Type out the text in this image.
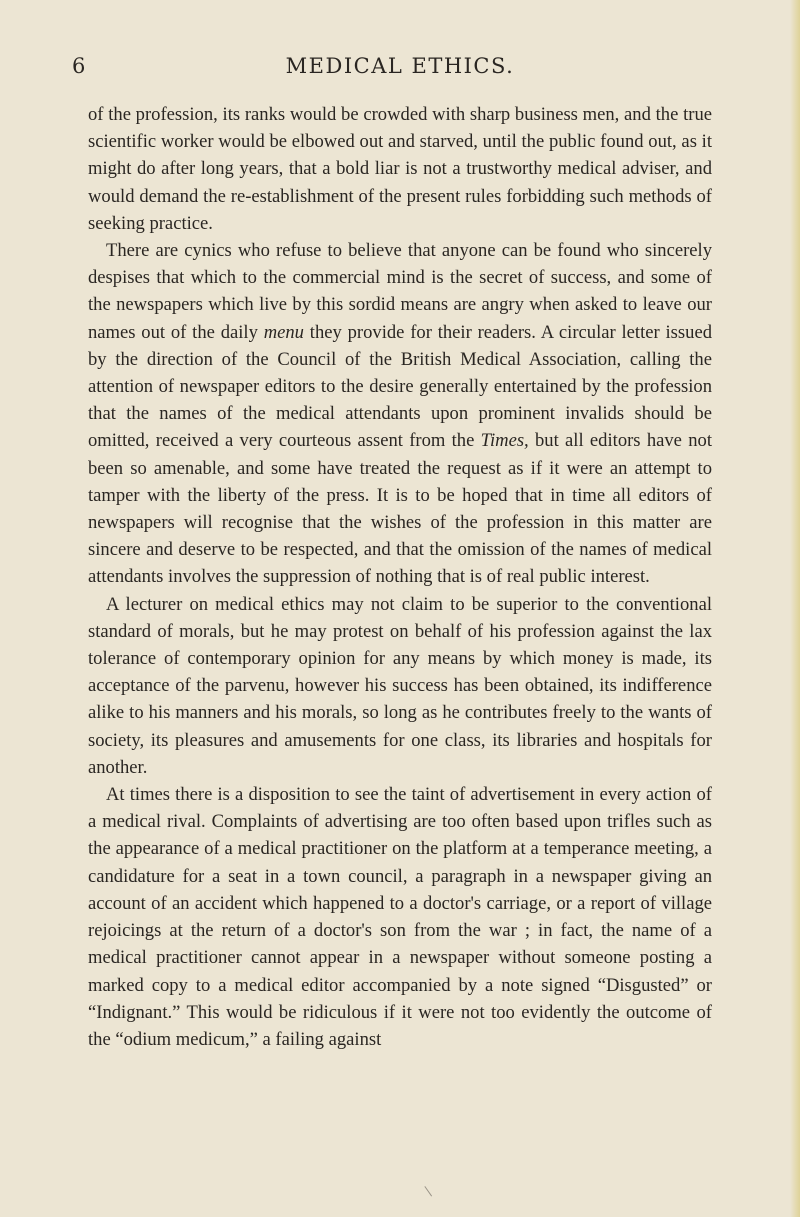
6	MEDICAL ETHICS.

of the profession, its ranks would be crowded with sharp business men, and the true scientific worker would be elbowed out and starved, until the public found out, as it might do after long years, that a bold liar is not a trustworthy medical adviser, and would demand the re-establishment of the present rules forbidding such methods of seeking practice.

There are cynics who refuse to believe that anyone can be found who sincerely despises that which to the commercial mind is the secret of success, and some of the newspapers which live by this sordid means are angry when asked to leave our names out of the daily menu they provide for their readers. A circular letter issued by the direction of the Council of the British Medical Association, calling the attention of newspaper editors to the desire generally entertained by the profession that the names of the medical attendants upon prominent invalids should be omitted, received a very courteous assent from the Times, but all editors have not been so amenable, and some have treated the request as if it were an attempt to tamper with the liberty of the press. It is to be hoped that in time all editors of newspapers will recognise that the wishes of the profession in this matter are sincere and deserve to be respected, and that the omission of the names of medical attendants involves the suppression of nothing that is of real public interest.

A lecturer on medical ethics may not claim to be superior to the conventional standard of morals, but he may protest on behalf of his profession against the lax tolerance of contemporary opinion for any means by which money is made, its acceptance of the parvenu, however his success has been obtained, its indifference alike to his manners and his morals, so long as he contributes freely to the wants of society, its pleasures and amusements for one class, its libraries and hospitals for another.

At times there is a disposition to see the taint of advertisement in every action of a medical rival. Complaints of advertising are too often based upon trifles such as the appearance of a medical practitioner on the platform at a temperance meeting, a candidature for a seat in a town council, a paragraph in a newspaper giving an account of an accident which happened to a doctor's carriage, or a report of village rejoicings at the return of a doctor's son from the war ; in fact, the name of a medical practitioner cannot appear in a newspaper without someone posting a marked copy to a medical editor accompanied by a note signed “Disgusted” or “Indignant.” This would be ridiculous if it were not too evidently the outcome of the “odium medicum,” a failing against
